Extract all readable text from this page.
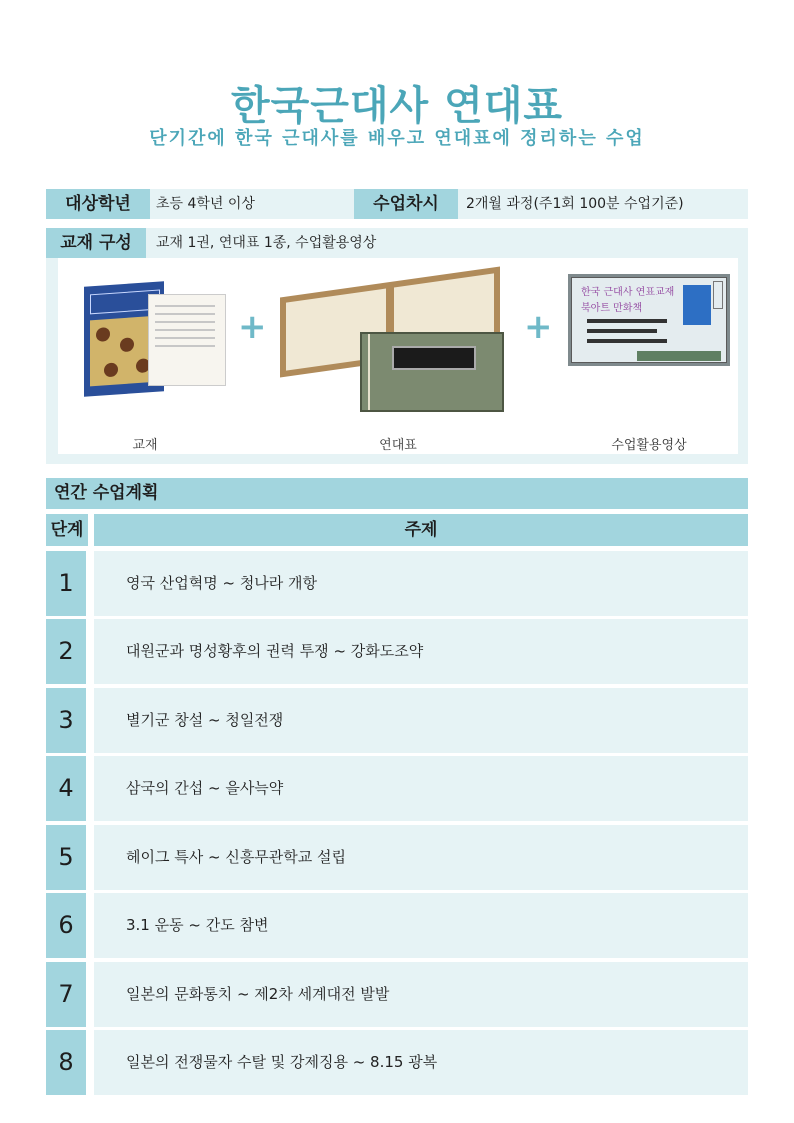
한국근대사 연대표
단기간에 한국 근대사를 배우고 연대표에 정리하는 수업
대상학년	초등 4학년 이상	수업차시	2개월 과정(주1회 100분 수업기준)
교재 구성	교재 1권, 연대표 1종, 수업활용영상
+	+
한국 근대사 연표교재
북아트 만화책
교재	연대표	수업활용영상
연간 수업계획
단계	주제
1	영국 산업혁명 ~ 청나라 개항
2	대원군과 명성황후의 권력 투쟁 ~ 강화도조약
3	별기군 창설 ~ 청일전쟁
4	삼국의 간섭 ~ 을사늑약
5	헤이그 특사 ~ 신흥무관학교 설립
6	3.1 운동 ~ 간도 참변
7	일본의 문화통치 ~ 제2차 세계대전 발발
8	일본의 전쟁물자 수탈 및 강제징용 ~ 8.15 광복
